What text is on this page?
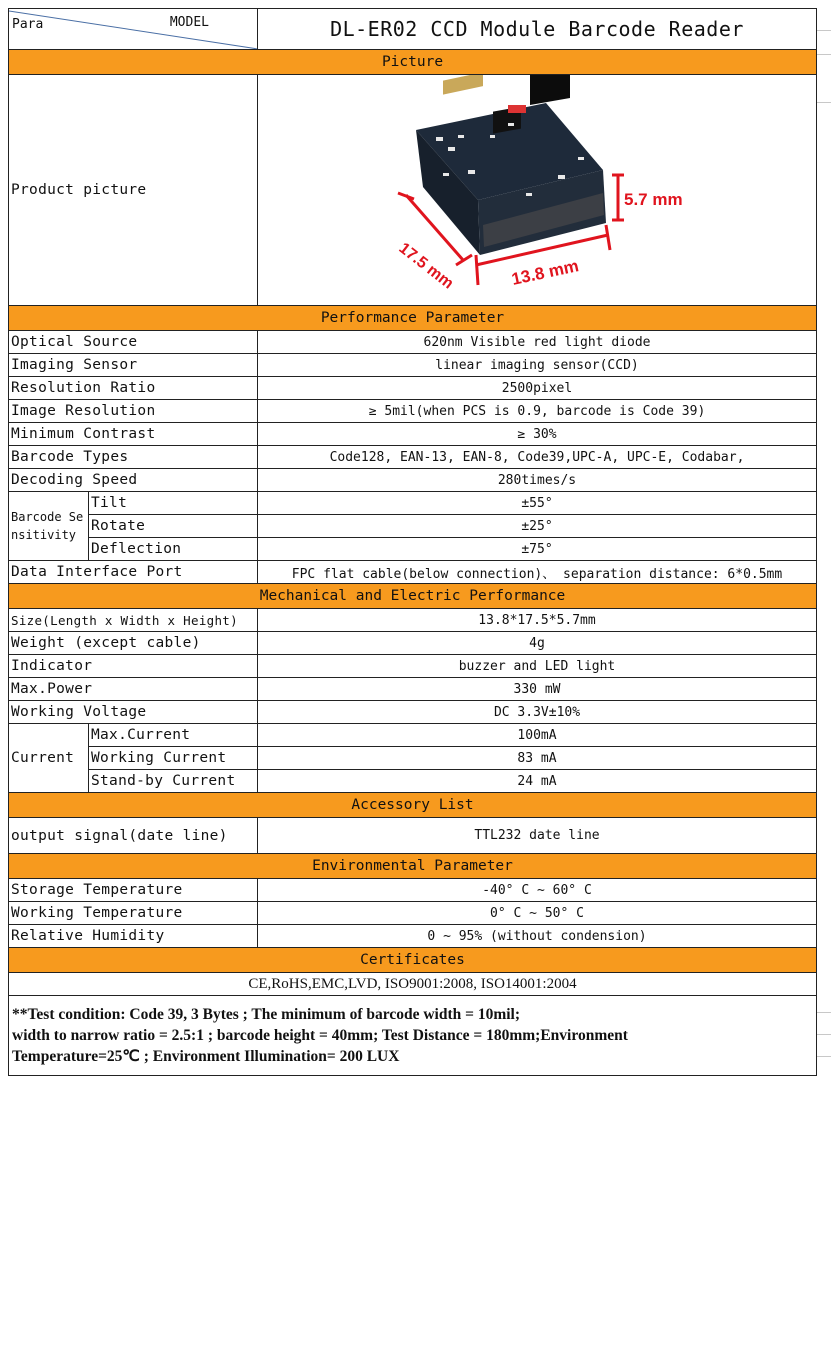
Para MODEL		DL-ER02 CCD Module Barcode Reader
Picture		
Product picture		17.5 mm 13.8 mm
5.7 mm

Performance Parameter		
Optical Source		620nm Visible red light diode
Imaging Sensor		linear imaging sensor(CCD)
Resolution Ratio		2500pixel
Image Resolution		≥ 5mil(when PCS is 0.9, barcode is Code 39)
Minimum Contrast		≥ 30%
Barcode Types		Code128, EAN-13, EAN-8, Code39,UPC-A, UPC-E, Codabar,
Decoding Speed		280times/s
Barcode Sensitivity	Tilt	±55°
	Rotate	±25°
	Deflection	±75°
Data Interface Port		FPC flat cable(below connection)、 separation distance: 6*0.5mm
Mechanical and Electric Performance		
Size(Length x Width x Height)		13.8*17.5*5.7mm
Weight (except cable)		4g
Indicator		buzzer and LED light
Max.Power		330 mW
Working Voltage		DC 3.3V±10%
Current	Max.Current	100mA
	Working Current	83 mA
	Stand-by Current	24 mA
Accessory List		
output signal(date line)		TTL232 date line
Environmental Parameter		
Storage Temperature		-40° C ~ 60° C
Working Temperature		0° C ~ 50° C
Relative Humidity		0 ~ 95% (without condension)
Certificates		
CE,RoHS,EMC,LVD, ISO9001:2008, ISO14001:2004		

**Test condition: Code 39, 3 Bytes ; The minimum of barcode width = 10mil;
width to narrow ratio = 2.5:1 ; barcode height = 40mm; Test Distance = 180mm;Environment
Temperature=25℃ ; Environment Illumination= 200 LUX		
